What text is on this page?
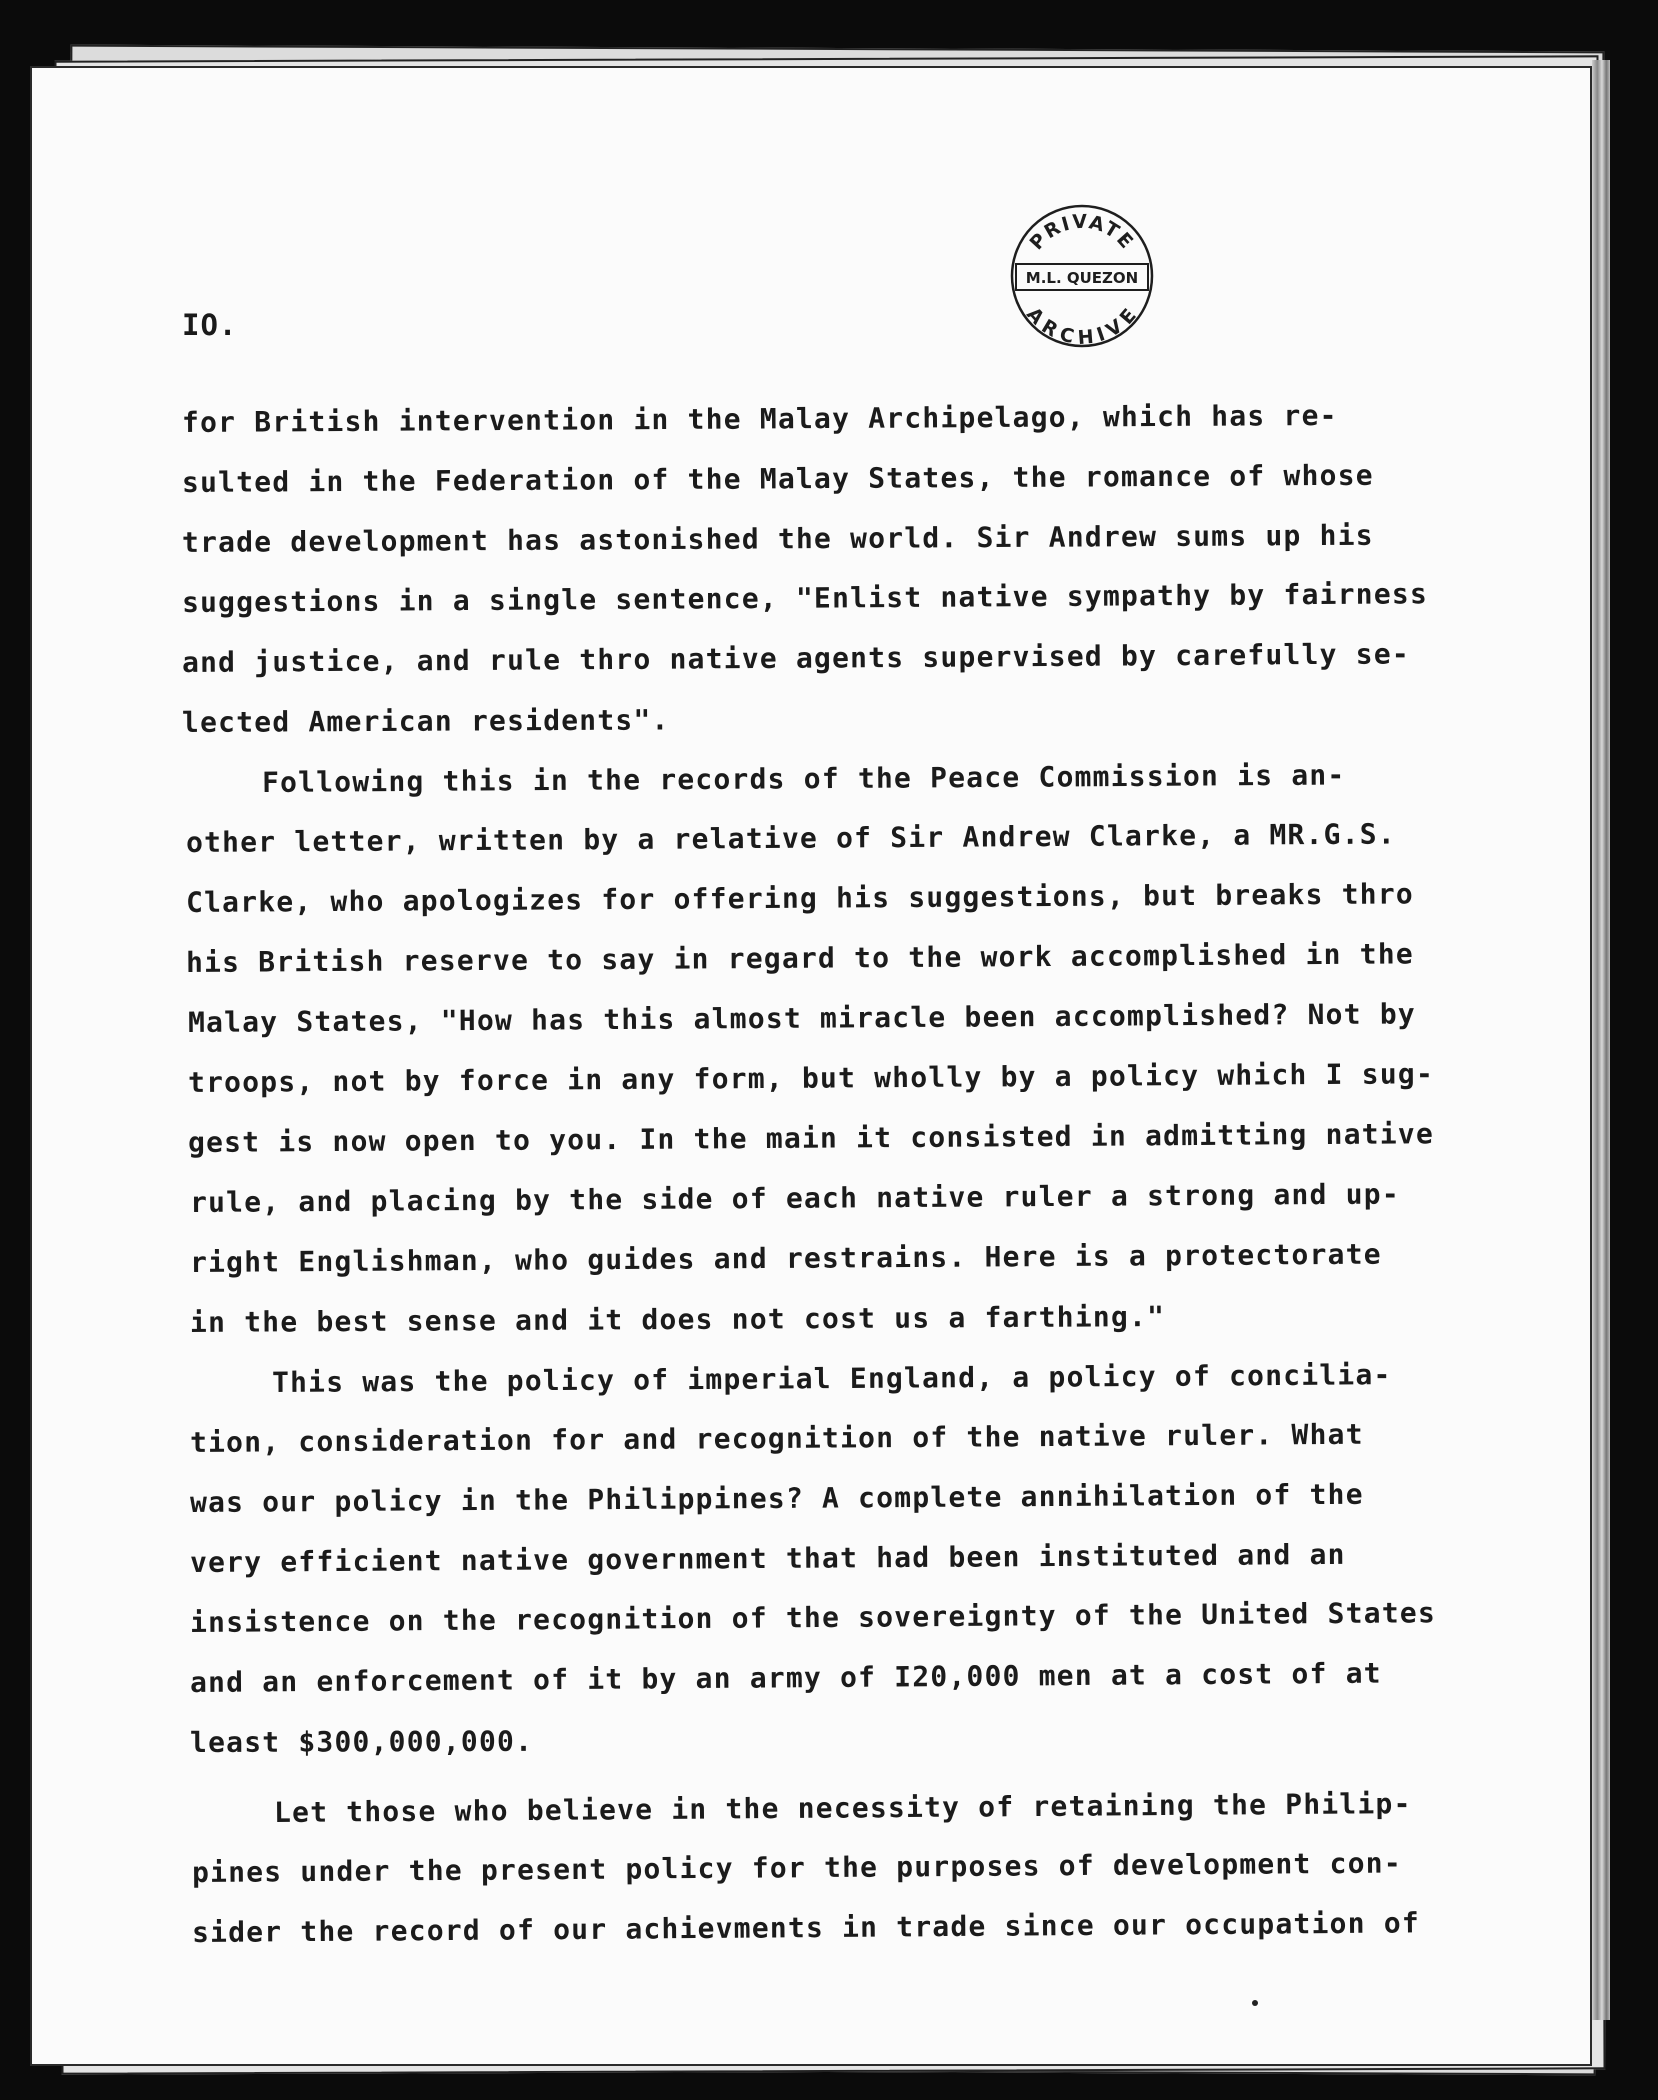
PRIVATE
M.L. QUEZON
ARCHIVE
IO.
for British intervention in the Malay Archipelago, which has re-
sulted in the Federation of the Malay States, the romance of whose
trade development has astonished the world. Sir Andrew sums up his
suggestions in a single sentence, "Enlist native sympathy by fairness
and justice, and rule thro native agents supervised by carefully se-
lected American residents".
Following this in the records of the Peace Commission is an-
other letter, written by a relative of Sir Andrew Clarke, a MR.G.S.
Clarke, who apologizes for offering his suggestions, but breaks thro
his British reserve to say in regard to the work accomplished in the
Malay States, "How has this almost miracle been accomplished? Not by
troops, not by force in any form, but wholly by a policy which I sug-
gest is now open to you. In the main it consisted in admitting native
rule, and placing by the side of each native ruler a strong and up-
right Englishman, who guides and restrains. Here is a protectorate
in the best sense and it does not cost us a farthing."
This was the policy of imperial England, a policy of concilia-
tion, consideration for and recognition of the native ruler. What
was our policy in the Philippines? A complete annihilation of the
very efficient native government that had been instituted and an
insistence on the recognition of the sovereignty of the United States
and an enforcement of it by an army of I20,000 men at a cost of at
least $300,000,000.
Let those who believe in the necessity of retaining the Philip-
pines under the present policy for the purposes of development con-
sider the record of our achievments in trade since our occupation of
